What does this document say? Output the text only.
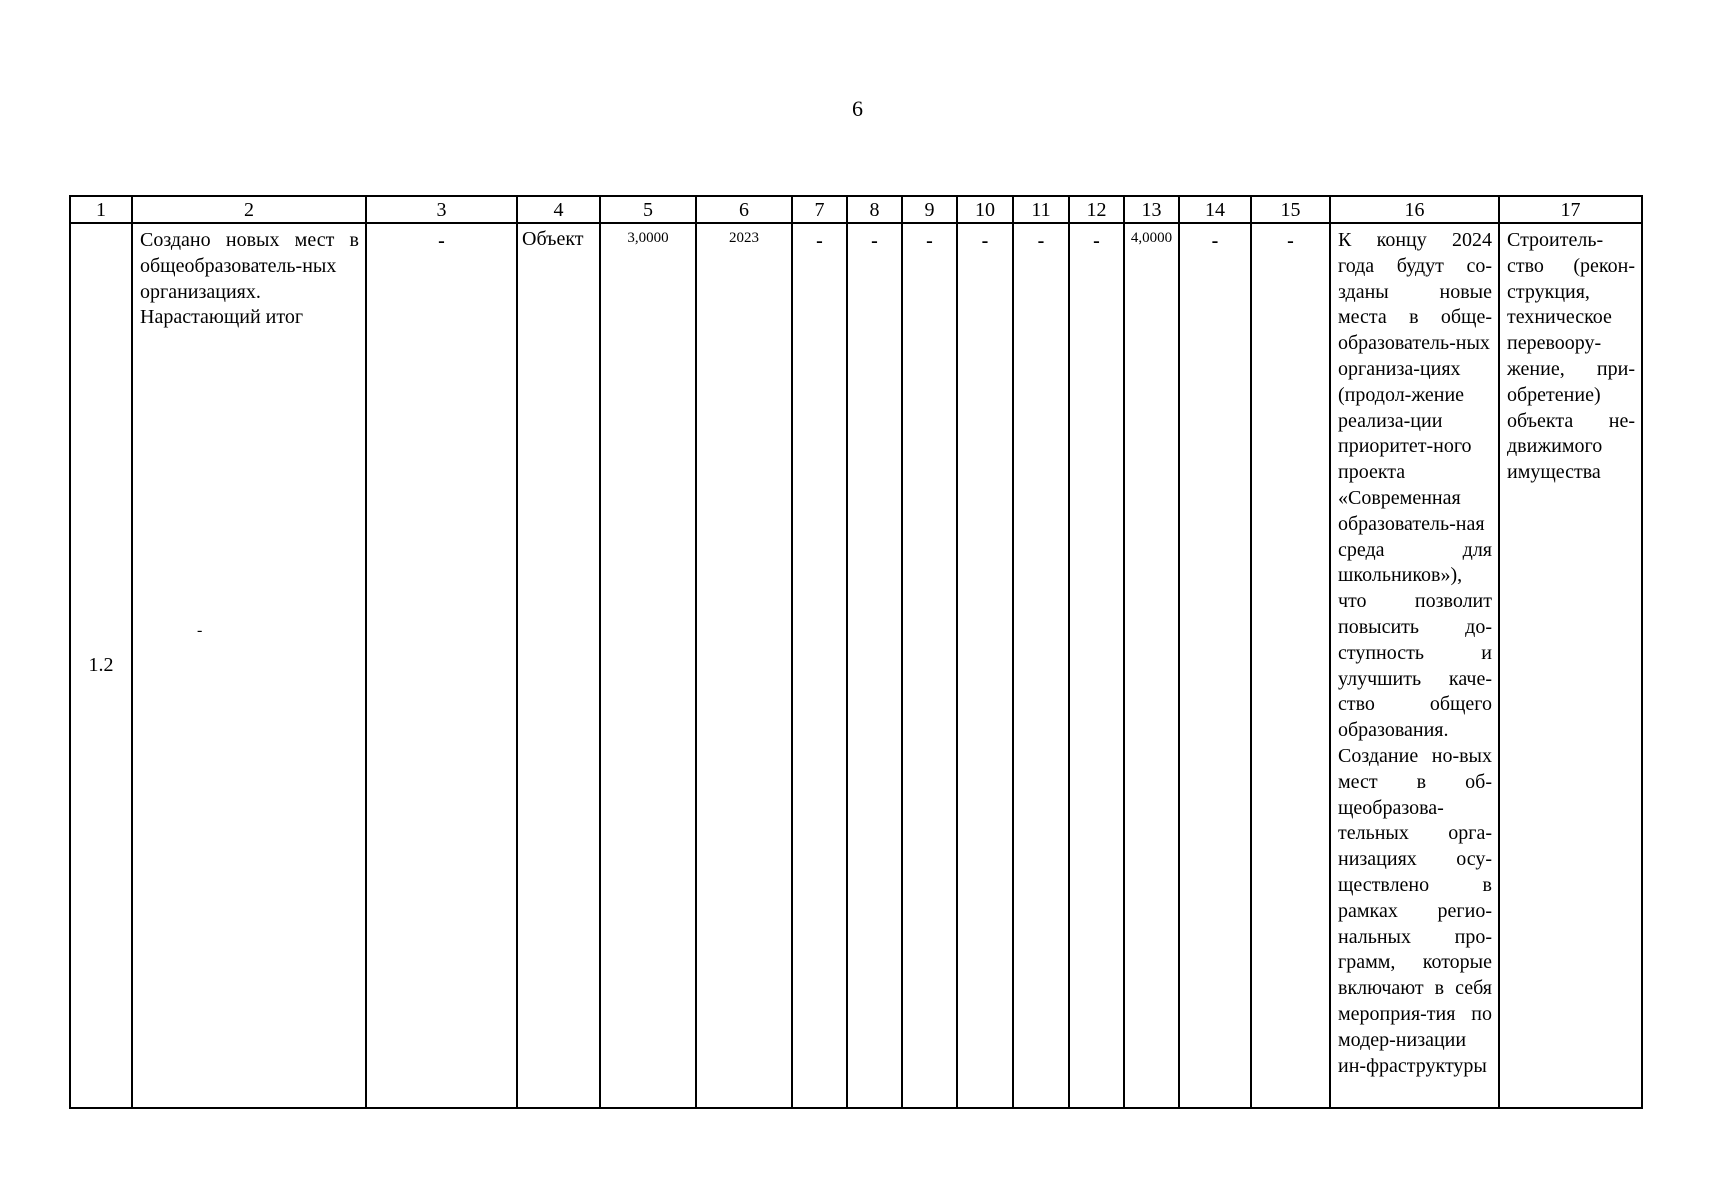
6
1	2	3	4	5	6	7	8	9	10	11	12	13	14	15	16	17
1.2	Создано новых мест в общеобразователь-ных организациях. Нарастающий итог	-	Объект	3,0000	2023	-	-	-	-	-	-	4,0000	-	-	К концу 2024 года будут со-зданы новые места в обще-образователь-ных организа-циях (продол-жение реализа-ции приоритет-ного проекта «Современная образователь-ная среда для школьников»), что позволит повысить до-ступность и улучшить каче-ство общего образования. Создание но-вых мест в об-щеобразова-тельных орга-низациях осу-ществлено в рамках регио-нальных про-грамм, которые включают в себя мероприя-тия по модер-низации ин-фраструктуры	Строитель-ство (рекон-струкция, техническое перевоору-жение, при-обретение) объекта не-движимого имущества
-
